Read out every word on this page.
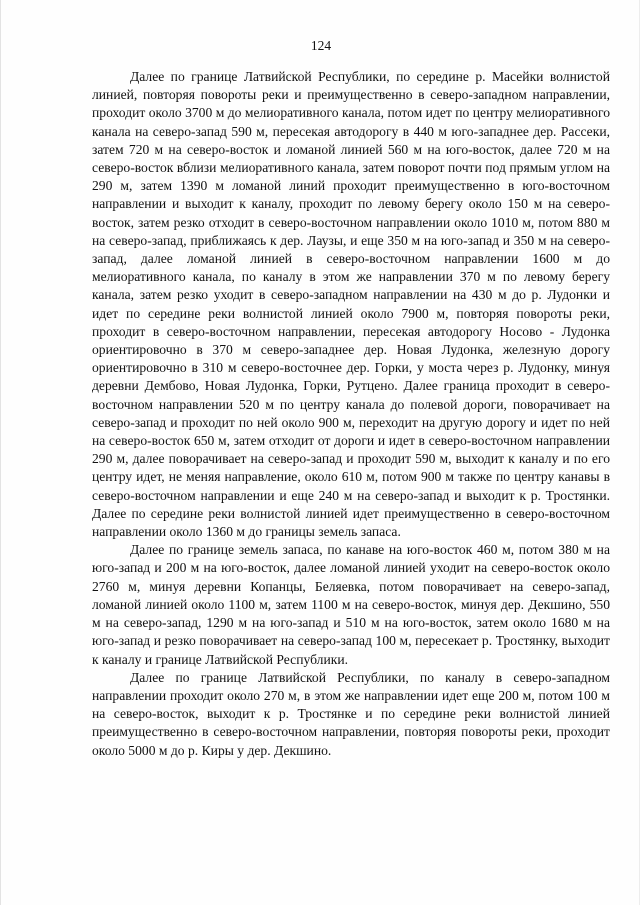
124

Далее по границе Латвийской Республики, по середине р. Масейки волнистой линией, повторяя повороты реки и преимущественно в северо-западном направлении, проходит около 3700 м до мелиоративного канала, потом идет по центру мелиоративного канала на северо-запад 590 м, пересекая автодорогу в 440 м юго-западнее дер. Рассеки, затем 720 м на северо-восток и ломаной линией 560 м на юго-восток, далее 720 м на северо-восток вблизи мелиоративного канала, затем поворот почти под прямым углом на 290 м, затем 1390 м ломаной линий проходит преимущественно в юго-восточном направлении и выходит к каналу, проходит по левому берегу около 150 м на северо-восток, затем резко отходит в северо-восточном направлении около 1010 м, потом 880 м на северо-запад, приближаясь к дер. Лаузы, и еще 350 м на юго-запад и 350 м на северо-запад, далее ломаной линией в северо-восточном направлении 1600 м до мелиоративного канала, по каналу в этом же направлении 370 м по левому берегу канала, затем резко уходит в северо-западном направлении на 430 м до р. Лудонки и идет по середине реки волнистой линией около 7900 м, повторяя повороты реки, проходит в северо-восточном направлении, пересекая автодорогу Носово - Лудонка ориентировочно в 370 м северо-западнее дер. Новая Лудонка, железную дорогу ориентировочно в 310 м северо-восточнее дер. Горки, у моста через р. Лудонку, минуя деревни Дембово, Новая Лудонка, Горки, Рутцено. Далее граница проходит в северо-восточном направлении 520 м по центру канала до полевой дороги, поворачивает на северо-запад и проходит по ней около 900 м, переходит на другую дорогу и идет по ней на северо-восток 650 м, затем отходит от дороги и идет в северо-восточном направлении 290 м, далее поворачивает на северо-запад и проходит 590 м, выходит к каналу и по его центру идет, не меняя направление, около 610 м, потом 900 м также по центру канавы в северо-восточном направлении и еще 240 м на северо-запад и выходит к р. Тростянки. Далее по середине реки волнистой линией идет преимущественно в северо-восточном направлении около 1360 м до границы земель запаса.

Далее по границе земель запаса, по канаве на юго-восток 460 м, потом 380 м на юго-запад и 200 м на юго-восток, далее ломаной линией уходит на северо-восток около 2760 м, минуя деревни Копанцы, Беляевка, потом поворачивает на северо-запад, ломаной линией около 1100 м, затем 1100 м на северо-восток, минуя дер. Декшино, 550 м на северо-запад, 1290 м на юго-запад и 510 м на юго-восток, затем около 1680 м на юго-запад и резко поворачивает на северо-запад 100 м, пересекает р. Тростянку, выходит к каналу и границе Латвийской Республики.

Далее по границе Латвийской Республики, по каналу в северо-западном направлении проходит около 270 м, в этом же направлении идет еще 200 м, потом 100 м на северо-восток, выходит к р. Тростянке и по середине реки волнистой линией преимущественно в северо-восточном направлении, повторяя повороты реки, проходит около 5000 м до р. Киры у дер. Декшино.
